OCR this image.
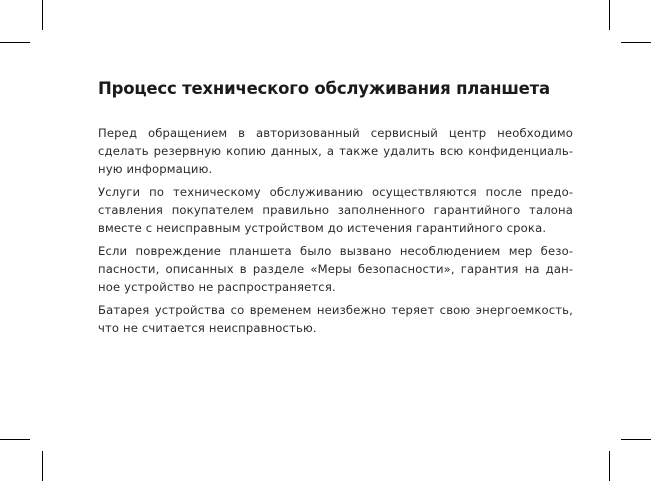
Процесс технического обслуживания планшета

Перед обращением в авторизованный сервисный центр необходимо сделать резервную копию данных, а также удалить всю конфиденциальную информацию.

Услуги по техническому обслуживанию осуществляются после предоставления покупателем правильно заполненного гарантийного талона вместе с неисправным устройством до истечения гарантийного срока.

Если повреждение планшета было вызвано несоблюдением мер безопасности, описанных в разделе «Меры безопасности», гарантия на данное устройство не распространяется.

Батарея устройства со временем неизбежно теряет свою энергоемкость, что не считается неисправностью.
